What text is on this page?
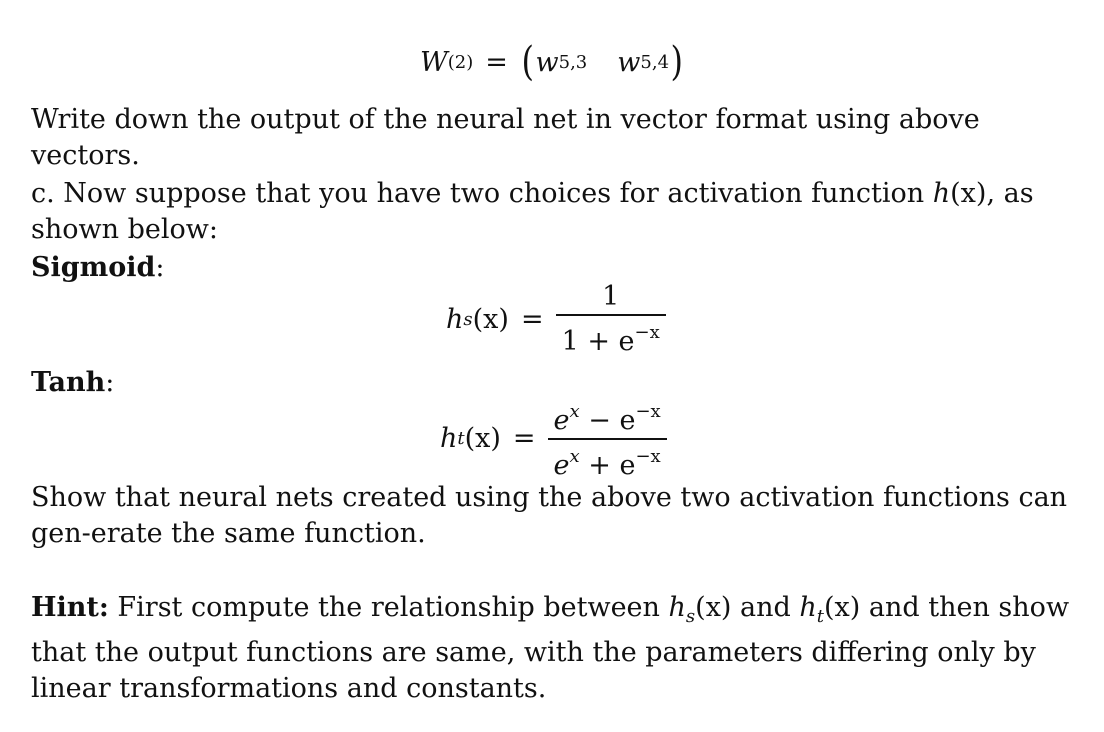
W (2) = ( w 5,3 w 5,4 )

Write down the output of the neural net in vector format using above vectors.

c. Now suppose that you have two choices for activation function h(x), as shown below:

Sigmoid:
h s $(x) = \frac{1}{1 + e^{-x}}$
Tanh:
h t $(x) = \frac{e^x - e^{-x}}{e^x + e^{-x}}$

Show that neural nets created using the above two activation functions can gen-erate the same function.

Hint: First compute the relationship between $h_s(x)$ and $h_t(x)$ and then show that the output functions are same, with the parameters differing only by linear transformations and constants.
